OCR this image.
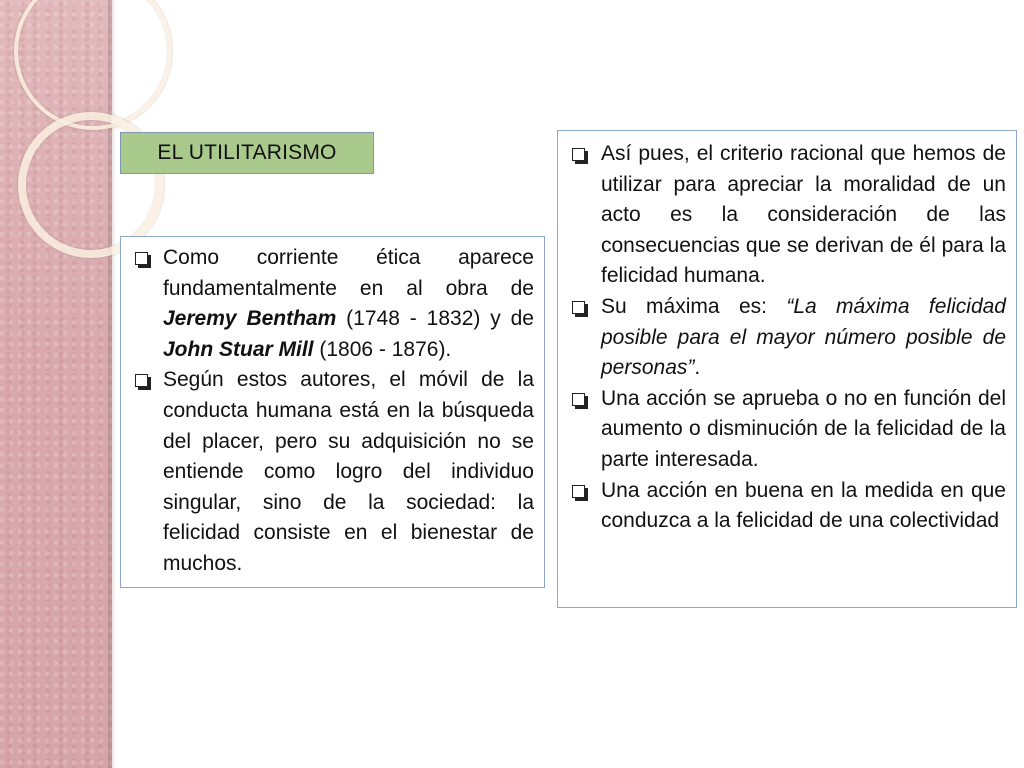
EL UTILITARISMO
Como corriente ética aparece fundamentalmente en al obra de Jeremy Bentham (1748 - 1832) y de John Stuar Mill (1806 - 1876).
Según estos autores, el móvil de la conducta humana está en la búsqueda del placer, pero su adquisición no se entiende como logro del individuo singular, sino de la sociedad: la felicidad consiste en el bienestar de muchos.
Así pues, el criterio racional que hemos de utilizar para apreciar la moralidad de un acto es la consideración de las consecuencias que se derivan de él para la felicidad humana.
Su máxima es: “La máxima felicidad posible para el mayor número posible de personas”.
Una acción se aprueba o no en función del aumento o disminución de la felicidad de la parte interesada.
Una acción en buena en la medida en que conduzca a la felicidad de una colectividad
